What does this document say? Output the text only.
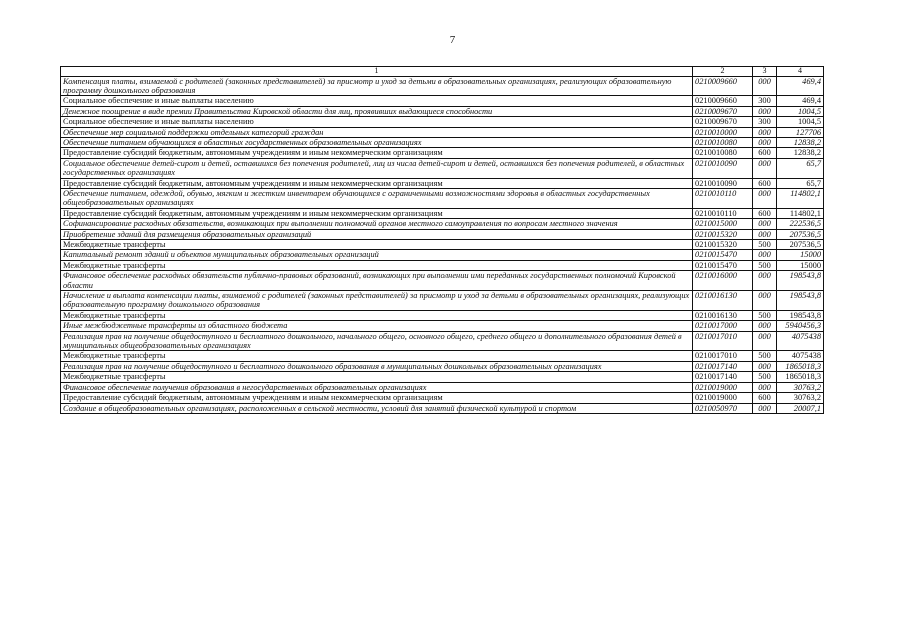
7
1	2	3	4
Компенсация платы, взимаемой с родителей (законных представителей) за присмотр и уход за детьми в образовательных организациях, реализующих образовательную программу дошкольного образования	0210009660	000	469,4
Социальное обеспечение и иные выплаты населению	0210009660	300	469,4
Денежное поощрение в виде премии Правительства Кировской области для лиц, проявивших выдающиеся способности	0210009670	000	1004,5
Социальное обеспечение и иные выплаты населению	0210009670	300	1004,5
Обеспечение мер социальной поддержки отдельных категорий граждан	0210010000	000	127706
Обеспечение питанием обучающихся в областных государственных образовательных организациях	0210010080	000	12838,2
Предоставление субсидий бюджетным, автономным учреждениям и иным некоммерческим организациям	0210010080	600	12838,2
Социальное обеспечение детей-сирот и детей, оставшихся без попечения родителей, лиц из числа детей-сирот и детей, оставшихся без попечения родителей, в областных государственных организациях	0210010090	000	65,7
Предоставление субсидий бюджетным, автономным учреждениям и иным некоммерческим организациям	0210010090	600	65,7
Обеспечение питанием, одеждой, обувью, мягким и жестким инвентарем обучающихся с ограниченными возможностями здоровья в областных государственных общеобразовательных организациях	0210010110	000	114802,1
Предоставление субсидий бюджетным, автономным учреждениям и иным некоммерческим организациям	0210010110	600	114802,1
Софинансирование расходных обязательств, возникающих при выполнении полномочий органов местного самоуправления по вопросам местного значения	0210015000	000	222536,5
Приобретение зданий для размещения образовательных организаций	0210015320	000	207536,5
Межбюджетные трансферты	0210015320	500	207536,5
Капитальный ремонт зданий и объектов муниципальных образовательных организаций	0210015470	000	15000
Межбюджетные трансферты	0210015470	500	15000
Финансовое обеспечение расходных обязательств публично-правовых образований, возникающих при выполнении ими переданных государственных полномочий Кировской области	0210016000	000	198543,8
Начисление и выплата компенсации платы, взимаемой с родителей (законных представителей) за присмотр и уход за детьми в образовательных организациях, реализующих образовательную программу дошкольного образования	0210016130	000	198543,8
Межбюджетные трансферты	0210016130	500	198543,8
Иные межбюджетные трансферты из областного бюджета	0210017000	000	5940456,3
Реализация прав на получение общедоступного и бесплатного дошкольного, начального общего, основного общего, среднего общего и дополнительного образования детей в муниципальных общеобразовательных организациях	0210017010	000	4075438
Межбюджетные трансферты	0210017010	500	4075438
Реализация прав на получение общедоступного и бесплатного дошкольного образования в муниципальных дошкольных образовательных организациях	0210017140	000	1865018,3
Межбюджетные трансферты	0210017140	500	1865018,3
Финансовое обеспечение получения образования в негосударственных образовательных организациях	0210019000	000	30763,2
Предоставление субсидий бюджетным, автономным учреждениям и иным некоммерческим организациям	0210019000	600	30763,2
Создание в общеобразовательных организациях, расположенных в сельской местности, условий для занятий физической культурой и спортом	0210050970	000	20007,1
